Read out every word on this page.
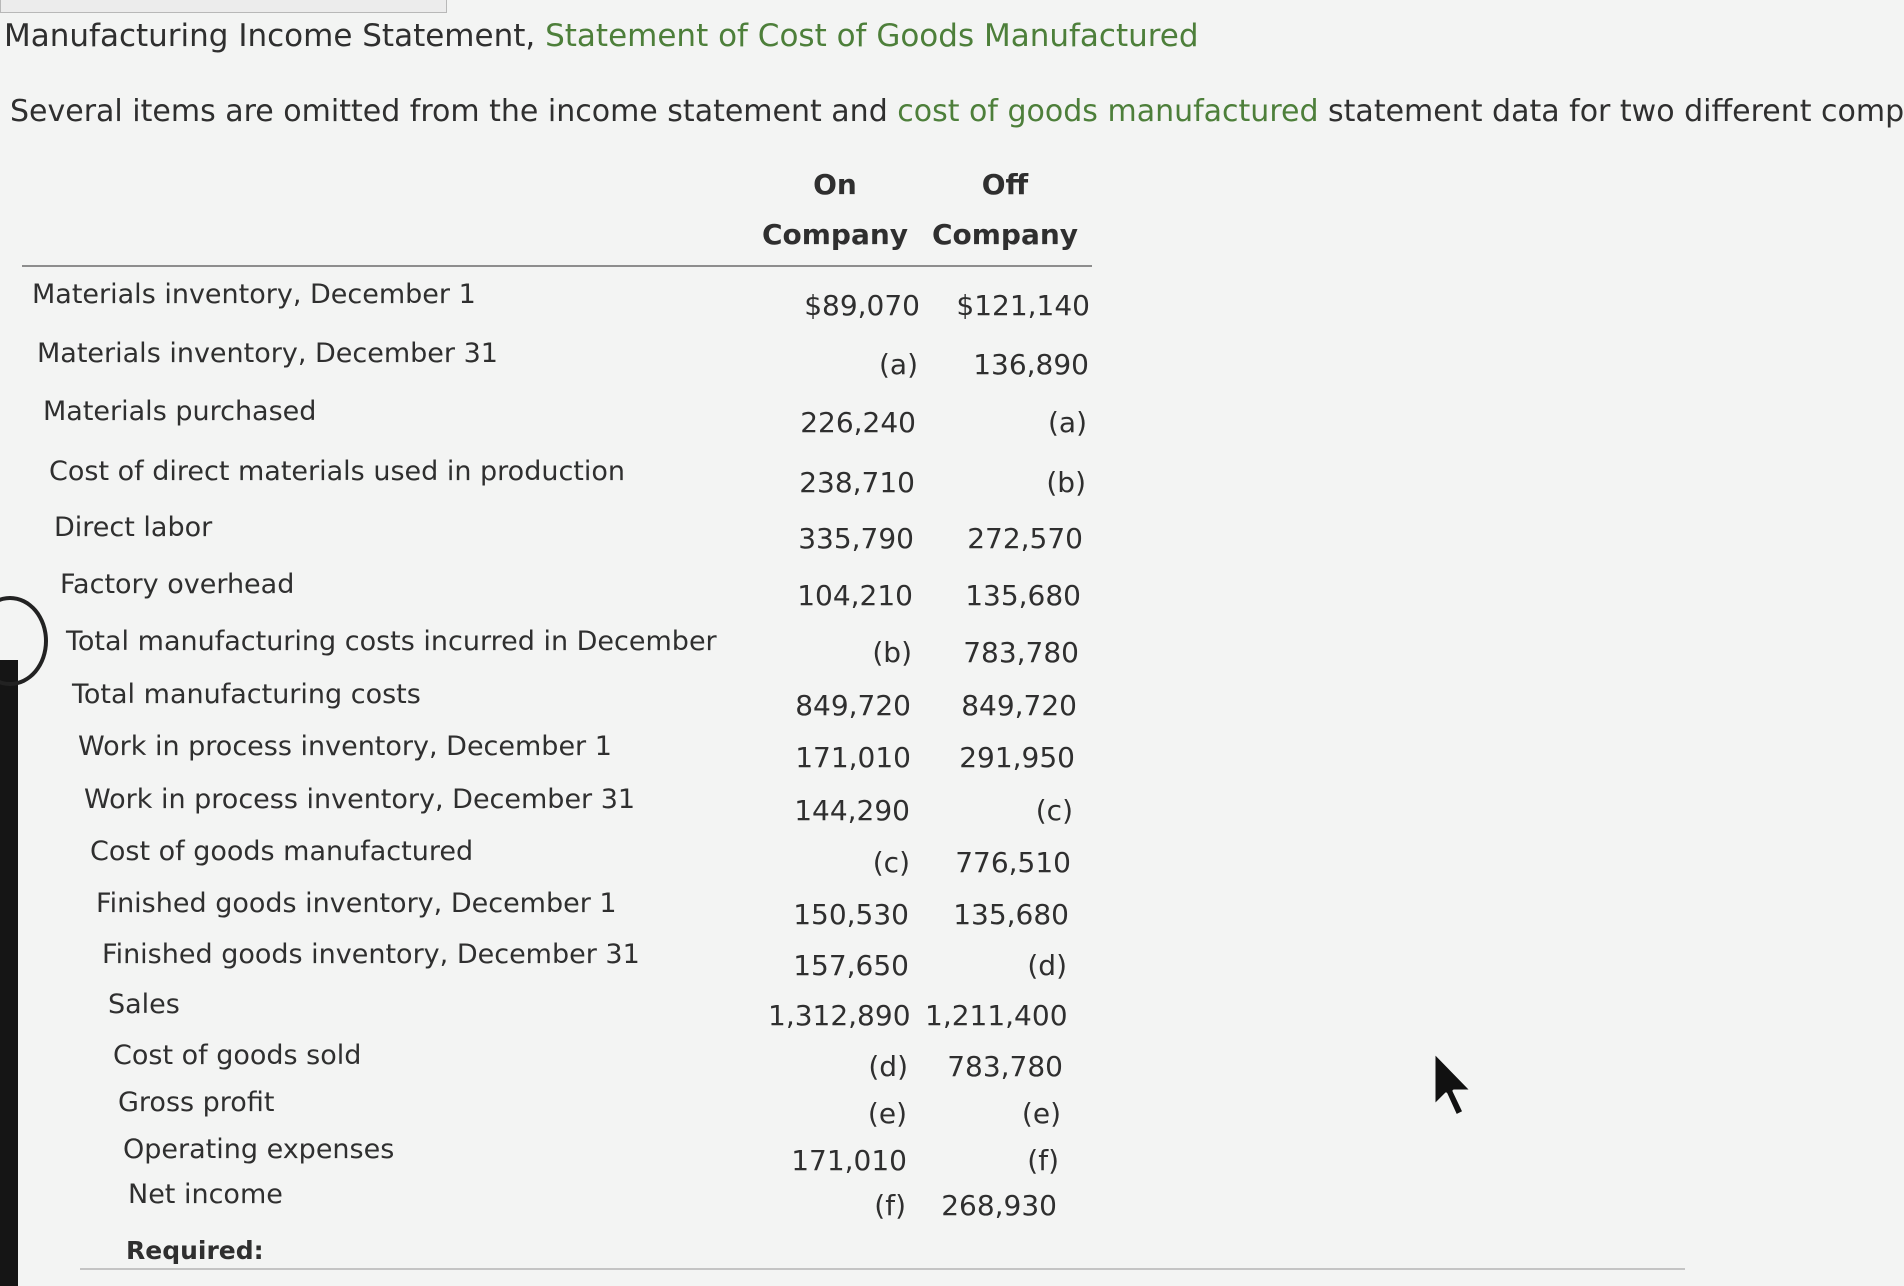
Manufacturing Income Statement, Statement of Cost of Goods Manufactured
Several items are omitted from the income statement and cost of goods manufactured statement data for two different comp
On
Company
Off
Company
Materials inventory, December 1	$89,070 $121,140
Materials inventory, December 31	(a)	136,890
Materials purchased	226,240	(a)
Cost of direct materials used in production	238,710	(b)
Direct labor	335,790	272,570
Factory overhead	104,210	135,680
Total manufacturing costs incurred in December	(b)	783,780
Total manufacturing costs	849,720	849,720
Work in process inventory, December 1	171,010	291,950
Work in process inventory, December 31	144,290	(c)
Cost of goods manufactured	(c)	776,510
Finished goods inventory, December 1	150,530	135,680
Finished goods inventory, December 31	157,650	(d)
Sales	1,312,890 1,211,400
Cost of goods sold	(d)	783,780
Gross profit	(e)	(e)
Operating expenses	171,010	(f)
Net income	(f)	268,930
Required:
